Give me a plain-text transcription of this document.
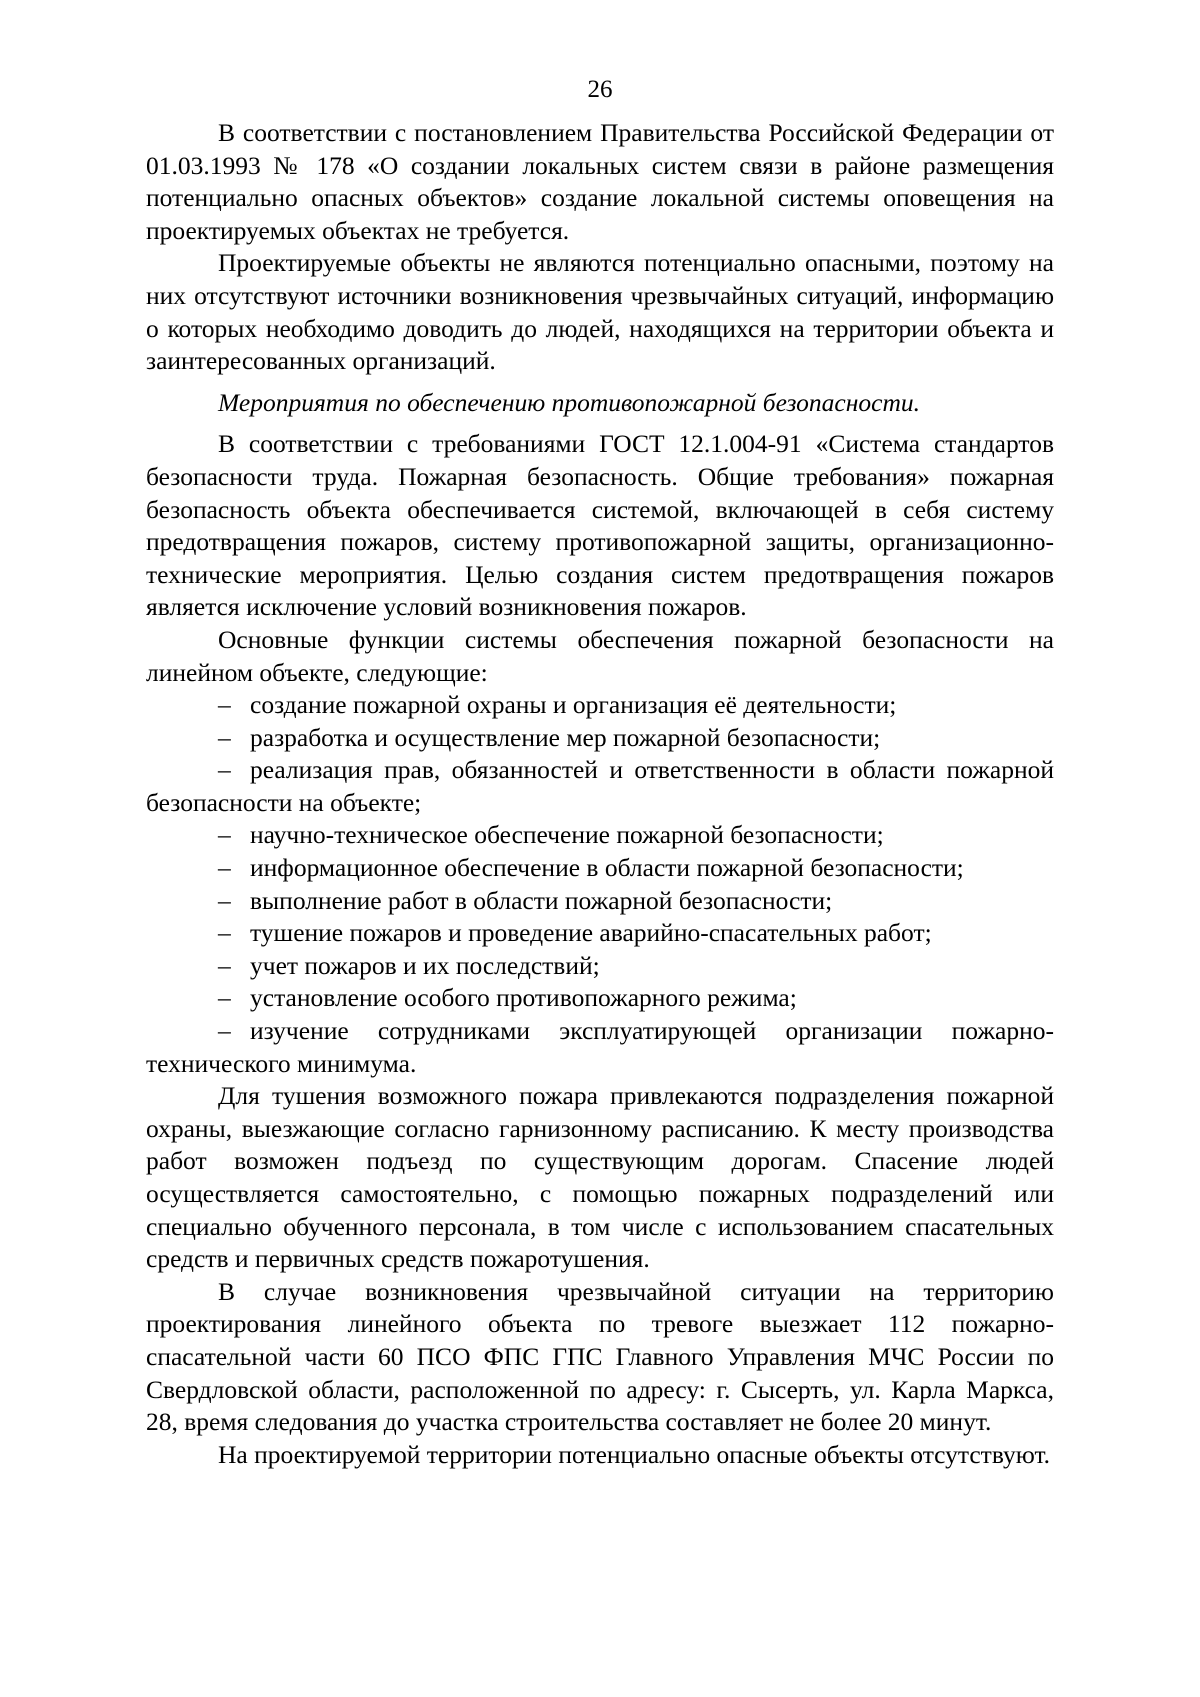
26

В соответствии с постановлением Правительства Российской Федерации от 01.03.1993 № 178 «О создании локальных систем связи в районе размещения потенциально опасных объектов» создание локальной системы оповещения на проектируемых объектах не требуется.

Проектируемые объекты не являются потенциально опасными, поэтому на них отсутствуют источники возникновения чрезвычайных ситуаций, информацию о которых необходимо доводить до людей, находящихся на территории объекта и заинтересованных организаций.

Мероприятия по обеспечению противопожарной безопасности.

В соответствии с требованиями ГОСТ 12.1.004-91 «Система стандартов безопасности труда. Пожарная безопасность. Общие требования» пожарная безопасность объекта обеспечивается системой, включающей в себя систему предотвращения пожаров, систему противопожарной защиты, организационно-технические мероприятия. Целью создания систем предотвращения пожаров является исключение условий возникновения пожаров.

Основные функции системы обеспечения пожарной безопасности на линейном объекте, следующие:

– создание пожарной охраны и организация её деятельности;

– разработка и осуществление мер пожарной безопасности;

– реализация прав, обязанностей и ответственности в области пожарной безопасности на объекте;

– научно-техническое обеспечение пожарной безопасности;

– информационное обеспечение в области пожарной безопасности;

– выполнение работ в области пожарной безопасности;

– тушение пожаров и проведение аварийно-спасательных работ;

– учет пожаров и их последствий;

– установление особого противопожарного режима;

– изучение сотрудниками эксплуатирующей организации пожарно-технического минимума.

Для тушения возможного пожара привлекаются подразделения пожарной охраны, выезжающие согласно гарнизонному расписанию. К месту производства работ возможен подъезд по существующим дорогам. Спасение людей осуществляется самостоятельно, с помощью пожарных подразделений или специально обученного персонала, в том числе с использованием спасательных средств и первичных средств пожаротушения.

В случае возникновения чрезвычайной ситуации на территорию проектирования линейного объекта по тревоге выезжает 112 пожарно-спасательной части 60 ПСО ФПС ГПС Главного Управления МЧС России по Свердловской области, расположенной по адресу: г. Сысерть, ул. Карла Маркса, 28, время следования до участка строительства составляет не более 20 минут.

На проектируемой территории потенциально опасные объекты отсутствуют.
